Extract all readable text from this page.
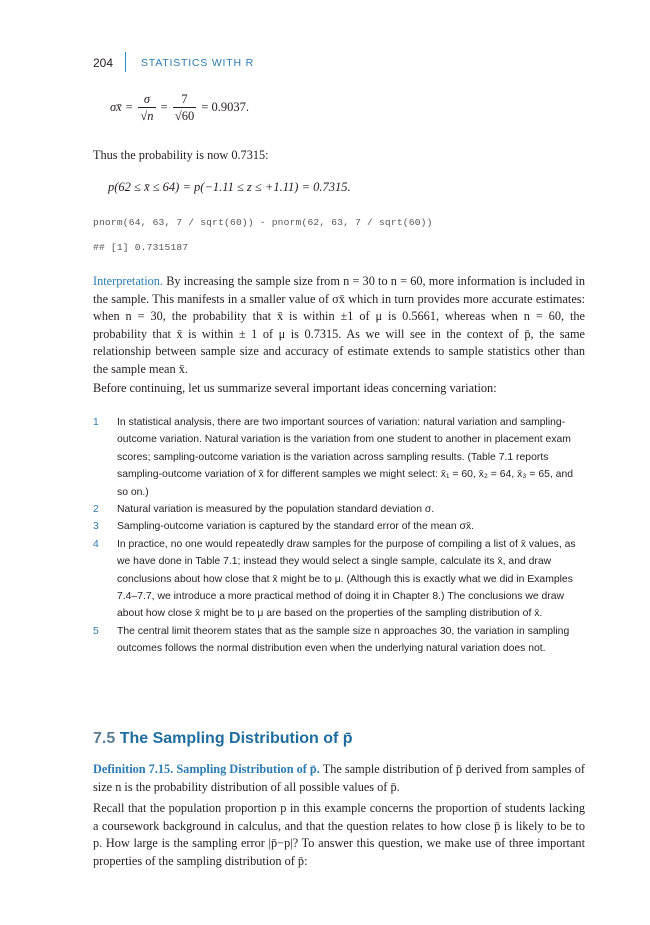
204	STATISTICS WITH R
σx̄ = $\frac{\sigma}{√n} = \frac{7}{√60} = 0.9037$.
Thus the probability is now 0.7315:
p(62 ≤ x̄ ≤ 64) = p(−1.11 ≤ z ≤ +1.11) = 0.7315.
pnorm(64, 63, 7 / sqrt(60)) - pnorm(62, 63, 7 / sqrt(60))
## [1] 0.7315187
Interpretation. By increasing the sample size from n = 30 to n = 60, more information is included in the sample. This manifests in a smaller value of σx̄ which in turn provides more accurate estimates: when n = 30, the probability that x̄ is within ±1 of μ is 0.5661, whereas when n = 60, the probability that x̄ is within ± 1 of μ is 0.7315. As we will see in the context of p̄, the same relationship between sample size and accuracy of estimate extends to sample statistics other than the sample mean x̄.
Before continuing, let us summarize several important ideas concerning variation:
1 In statistical analysis, there are two important sources of variation: natural variation and sampling-outcome variation. Natural variation is the variation from one student to another in placement exam scores; sampling-outcome variation is the variation across sampling results. (Table 7.1 reports sampling-outcome variation of x̄ for different samples we might select: x̄₁ = 60, x̄₂ = 64, x̄₃ = 65, and so on.)
2 Natural variation is measured by the population standard deviation σ.
3 Sampling-outcome variation is captured by the standard error of the mean σx̄.
4 In practice, no one would repeatedly draw samples for the purpose of compiling a list of x̄ values, as we have done in Table 7.1; instead they would select a single sample, calculate its x̄, and draw conclusions about how close that x̄ might be to μ. (Although this is exactly what we did in Examples 7.4–7.7, we introduce a more practical method of doing it in Chapter 8.) The conclusions we draw about how close x̄ might be to μ are based on the properties of the sampling distribution of x̄.
5 The central limit theorem states that as the sample size n approaches 30, the variation in sampling outcomes follows the normal distribution even when the underlying natural variation does not.
7.5 The Sampling Distribution of p̄
Definition 7.15. Sampling Distribution of p̄. The sample distribution of p̄ derived from samples of size n is the probability distribution of all possible values of p̄.
Recall that the population proportion p in this example concerns the proportion of students lacking a coursework background in calculus, and that the question relates to how close p̄ is likely to be to p. How large is the sampling error |p̄−p|? To answer this question, we make use of three important properties of the sampling distribution of p̄:
